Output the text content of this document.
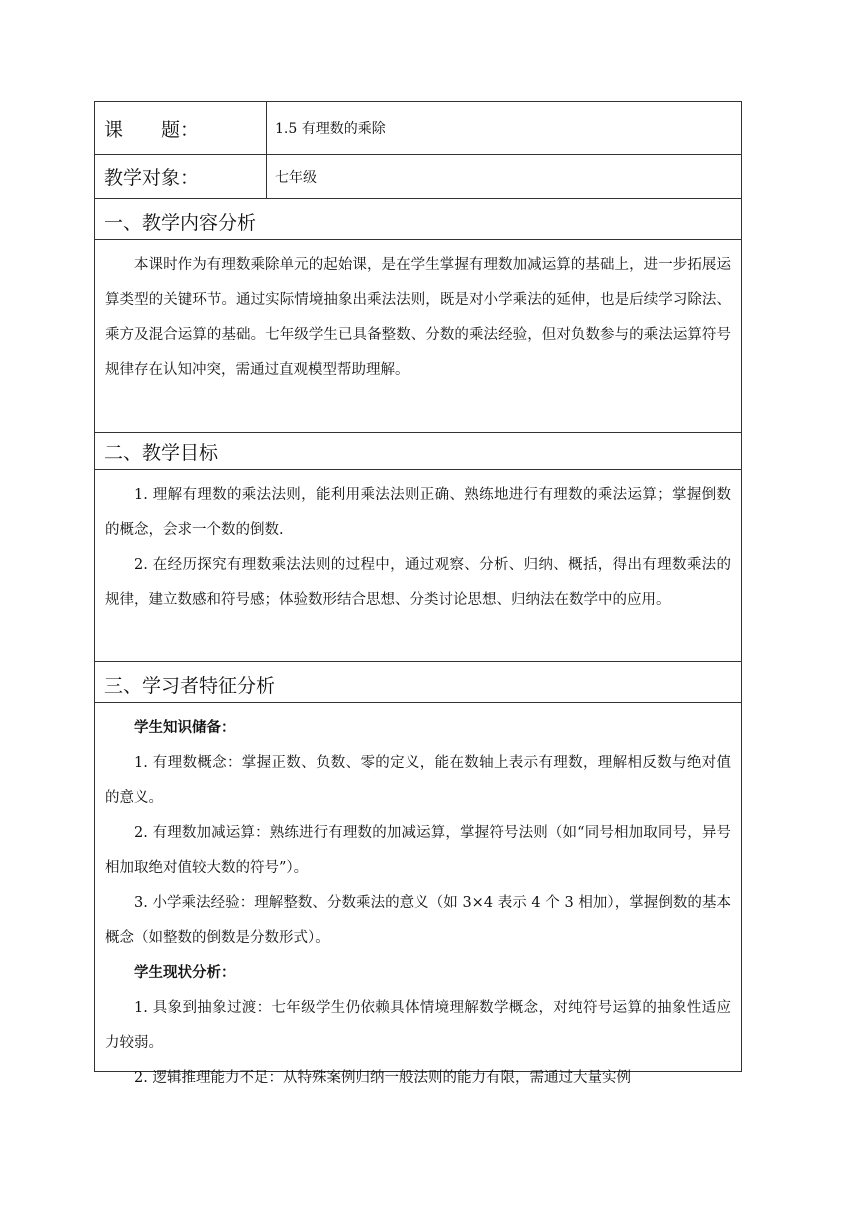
课　　题：	1.5 有理数的乘除
教学对象：	七年级
一、教学内容分析

本课时作为有理数乘除单元的起始课，是在学生掌握有理数加减运算的基础上，进一步拓展运算类型的关键环节。通过实际情境抽象出乘法法则，既是对小学乘法的延伸，也是后续学习除法、乘方及混合运算的基础。七年级学生已具备整数、分数的乘法经验，但对负数参与的乘法运算符号规律存在认知冲突，需通过直观模型帮助理解。

二、教学目标

1. 理解有理数的乘法法则，能利用乘法法则正确、熟练地进行有理数的乘法运算；掌握倒数的概念，会求一个数的倒数.

2. 在经历探究有理数乘法法则的过程中，通过观察、分析、归纳、概括，得出有理数乘法的规律，建立数感和符号感；体验数形结合思想、分类讨论思想、归纳法在数学中的应用。

三、学习者特征分析

学生知识储备：

1. 有理数概念：掌握正数、负数、零的定义，能在数轴上表示有理数，理解相反数与绝对值的意义。

2. 有理数加减运算：熟练进行有理数的加减运算，掌握符号法则（如“同号相加取同号，异号相加取绝对值较大数的符号”）。

3. 小学乘法经验：理解整数、分数乘法的意义（如 3×4 表示 4 个 3 相加），掌握倒数的基本概念（如整数的倒数是分数形式）。

学生现状分析：

1. 具象到抽象过渡：七年级学生仍依赖具体情境理解数学概念，对纯符号运算的抽象性适应力较弱。

2. 逻辑推理能力不足：从特殊案例归纳一般法则的能力有限，需通过大量实例
